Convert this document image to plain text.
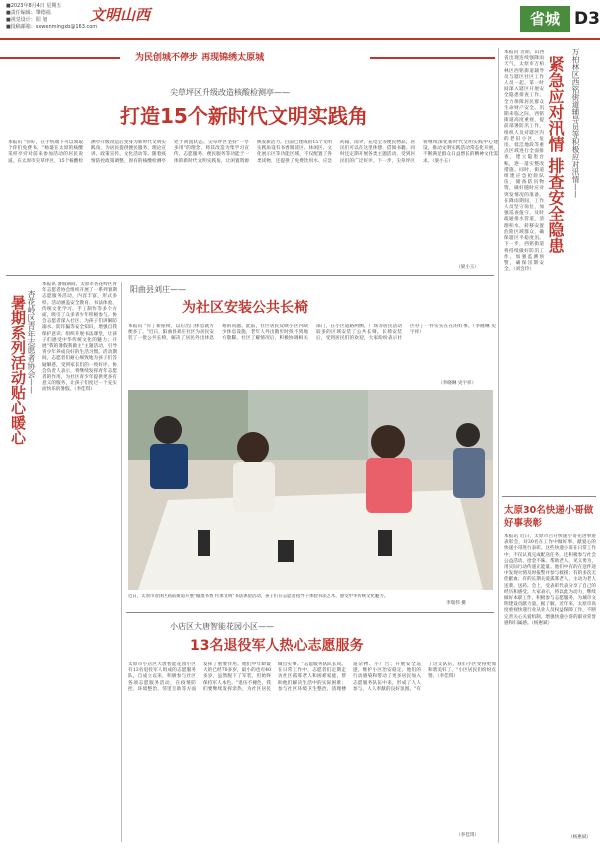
■2023年8月4日 星期五
■责任编辑：肇德福
■视觉设计：阳 旭
■投稿邮箱：sxwenmingxb@163.com
文明山西	省城 D3
为民创城不停步 再现锦绣太原城
尖草坪区升级改造核酸检测亭——
打造15个新时代文明实践角
本报讯 "你好，在手机端下可以领取个你们免费书，"杨婆在太原的核酸采样亭旁对前来参加活动的居民说道。在太原市尖草坪区，15个核酸检测亭升级改造后变身为新时代文明实践角，为居民提供便民服务、理论宣讲、政策宣传、文化活动等。随着疫情防控政策调整，原有的核酸检测亭处于闲置状态。尖草坪区坚持"一亭多用"的理念，将其改造为集学习宣传、志愿服务、便民服务等功能于一体的新时代文明实践角，让闲置资源焕发新活力。目前已建成的15个文明实践角设有书香阅读区、休闲区、文化展示区等功能区域，不仅配置了各类读物，还提供了免费饮用水、应急药箱、雨伞、充电宝等便民物品，居民们可以在这里休憩，借阅书籍。同时还定期开展各类主题活动，受到居民们的广泛好评。下一步，尖草坪区将继续深化新时代文明实践中心建设，推动文明实践活动常态化开展，不断满足群众日益增长的精神文化需求。（梁小玉）
（梁小玉）
杏花岭区青年志愿者协会——
暑期系列活动贴心暖心
本报讯 暑假期间，太原市杏花岭区青年志愿者协会组织开展了一系列暑期志愿服务活动，内容丰富，形式多样。活动涵盖安全教育、书法体验、传统文化学习、手工制作等多个方面，吸引了众多青少年积极参与。协会志愿者深入社区，为孩子们讲解防溺水、防诈骗等安全知识，增强自我保护意识；组织开展书法课堂，让孩子们感受中华传统文化的魅力；开展"我的暑假我做主"主题活动，引导青少年养成良好的生活习惯。活动期间，志愿者们耐心细致地为孩子们答疑解惑，受到家长们的一致好评。协会负责人表示，将继续发挥青年志愿者的作用，为社区青少年提供更多有意义的服务，让孩子们度过一个充实而快乐的暑假。（李佳琪）
阳曲县刘庄——
为社区安装公共长椅
本报讯 "有了新座椅，以后出门休息就方便多了。"近日，阳曲县刘庄社区为居民安装了一批公共长椅，解决了居民外出休息难的问题。此前，社区居民反映小区内缺少休息设施，老年人外出散步时找不到地方歇脚。社区了解情况后，积极协调相关部门，在小区道路两侧、广场等居民活动较多的区域安装了公共长椅。长椅安装后，受到居民们的欢迎，大家纷纷表示社区办了一件实实在在的好事。（李晓琳 史宇祥）
（李晓琳 史宇祥）
近日，太原市迎泽区庙前街道开展"翰墨书香 传承文明"书法体验活动，孩子们在志愿者指导下体验书法艺术，感受中华传统文化魅力。
李瑞伟 摄
小店区大唐智能花园小区——
13名退役军人热心志愿服务
太原市小店区大唐智能花园小区有13名退役军人组成的志愿服务队，自成立以来，积极参与社区各项志愿服务活动，在疫情防控、环境整治、邻里互助等方面发挥了重要作用。他们中年龄最大的已经70多岁，最小的也有40多岁，虽然脱下了军装，但始终保持军人本色。"退伍不褪色，我们要继续发挥余热，为社区居民做点实事。"志愿服务队队长说。在日常工作中，志愿者们定期走访社区孤寡老人和困难家庭，帮助他们解决生活中的实际困难；参与社区环境卫生整治，清理楼道杂物、小广告；开展安全巡逻，维护小区治安稳定。他们的行动感染和带动了更多居民加入志愿服务队伍中来，形成了人人参与、人人奉献的良好氛围。"有了这支队伍，我们小区变得更加和谐美好了。"小区居民们纷纷点赞。（李佳琪）
（李佳琪）
万柏林区西铭街道辅导员等积极应对汛情——
紧急应对汛情 排查安全隐患
本报讯 近期，山西省出现连续强降雨天气，太原市万柏林区西铭街道辅导员与辖区社区工作人员一起，第一时间深入辖区开展安全隐患排查工作，全力保障居民群众生命财产安全。汛期来临之际，西铭街道高度重视，提前部署防汛工作，组织人员对辖区内的老旧小区、危房、低洼地段等重点区域进行全面排查，建立隐患台账，逐一落实整改措施。同时，街道组建应急抢险队伍，储备防汛物资，做好随时应对突发情况的准备。在降雨期间，工作人员坚守岗位，加强巡查值守，及时疏通排水管道，清理积水，转移安置危险区域群众，确保辖区平稳度汛。下一步，西铭街道将持续做好防汛工作，加强监测预警，确保汛期安全。（刘会玲）
太原30名快递小哥做好事表彰
本报讯 近日，太原市召开快递小哥先进事迹表彰会，对30名在工作中做好事、献爱心的快递小哥进行表彰。这些快递小哥在日常工作中，不仅认真完成配送任务，还积极参与社会公益活动，拾金不昧、帮助老人、见义勇为，用实际行动传递正能量。他们中有的在送件途中发现火情及时报警并参与救援；有的多次无偿献血；有的长期关爱孤寡老人，主动为老人送菜、送药。会上，受表彰代表分享了自己的经历和感受。大家表示，将以此为动力，继续做好本职工作，积极参与志愿服务，为城市文明建设贡献力量。据了解，近年来，太原市高度重视快递行业从业人员权益保障工作，不断完善关心关爱机制，增强快递小哥的职业荣誉感和归属感。（杨惠斌）
（杨惠斌）
